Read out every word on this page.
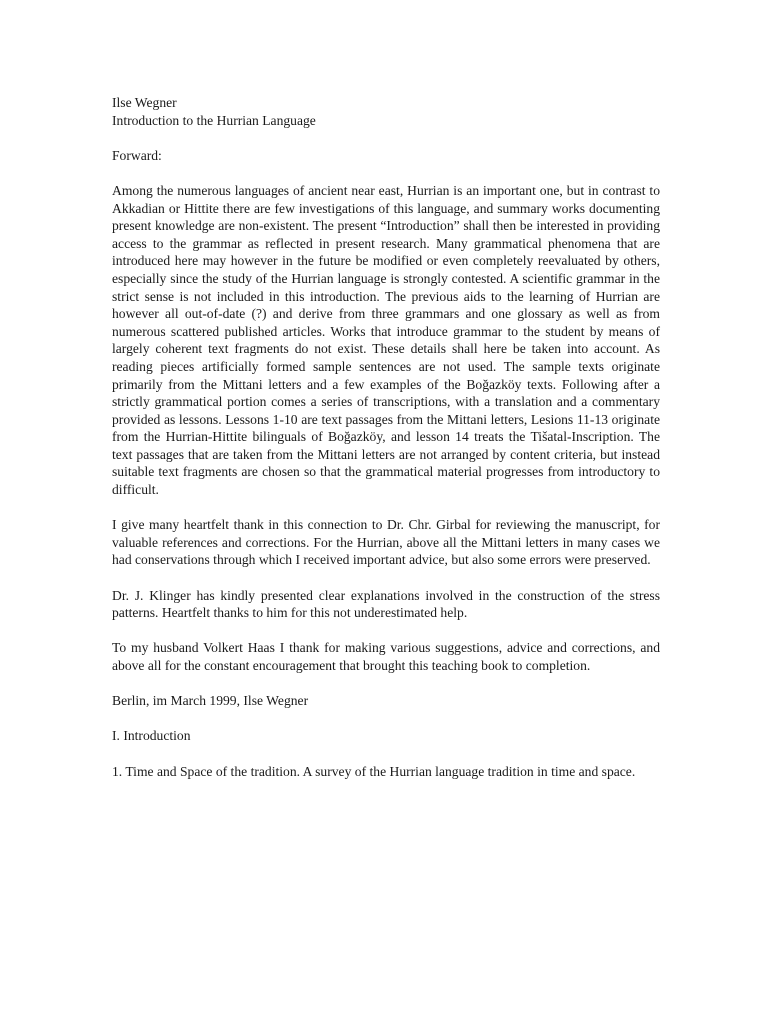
Ilse Wegner
Introduction to the Hurrian Language

Forward:

Among the numerous languages of ancient near east, Hurrian is an important one, but in contrast to Akkadian or Hittite there are few investigations of this language, and summary works documenting present knowledge are non-existent. The present “Introduction” shall then be interested in providing access to the grammar as reflected in present research. Many grammatical phenomena that are introduced here may however in the future be modified or even completely reevaluated by others, especially since the study of the Hurrian language is strongly contested. A scientific grammar in the strict sense is not included in this introduction. The previous aids to the learning of Hurrian are however all out-of-date (?) and derive from three grammars and one glossary as well as from numerous scattered published articles. Works that introduce grammar to the student by means of largely coherent text fragments do not exist. These details shall here be taken into account. As reading pieces artificially formed sample sentences are not used. The sample texts originate primarily from the Mittani letters and a few examples of the Boğazköy texts. Following after a strictly grammatical portion comes a series of transcriptions, with a translation and a commentary provided as lessons. Lessons 1-10 are text passages from the Mittani letters, Lesions 11-13 originate from the Hurrian-Hittite bilinguals of Boğazköy, and lesson 14 treats the Tišatal-Inscription. The text passages that are taken from the Mittani letters are not arranged by content criteria, but instead suitable text fragments are chosen so that the grammatical material progresses from introductory to difficult.

I give many heartfelt thank in this connection to Dr. Chr. Girbal for reviewing the manuscript, for valuable references and corrections. For the Hurrian, above all the Mittani letters in many cases we had conservations through which I received important advice, but also some errors were preserved.

Dr. J. Klinger has kindly presented clear explanations involved in the construction of the stress patterns. Heartfelt thanks to him for this not underestimated help.

To my husband Volkert Haas I thank for making various suggestions, advice and corrections, and above all for the constant encouragement that brought this teaching book to completion.

Berlin, im March 1999, Ilse Wegner

I. Introduction

1. Time and Space of the tradition. A survey of the Hurrian language tradition in time and space.
